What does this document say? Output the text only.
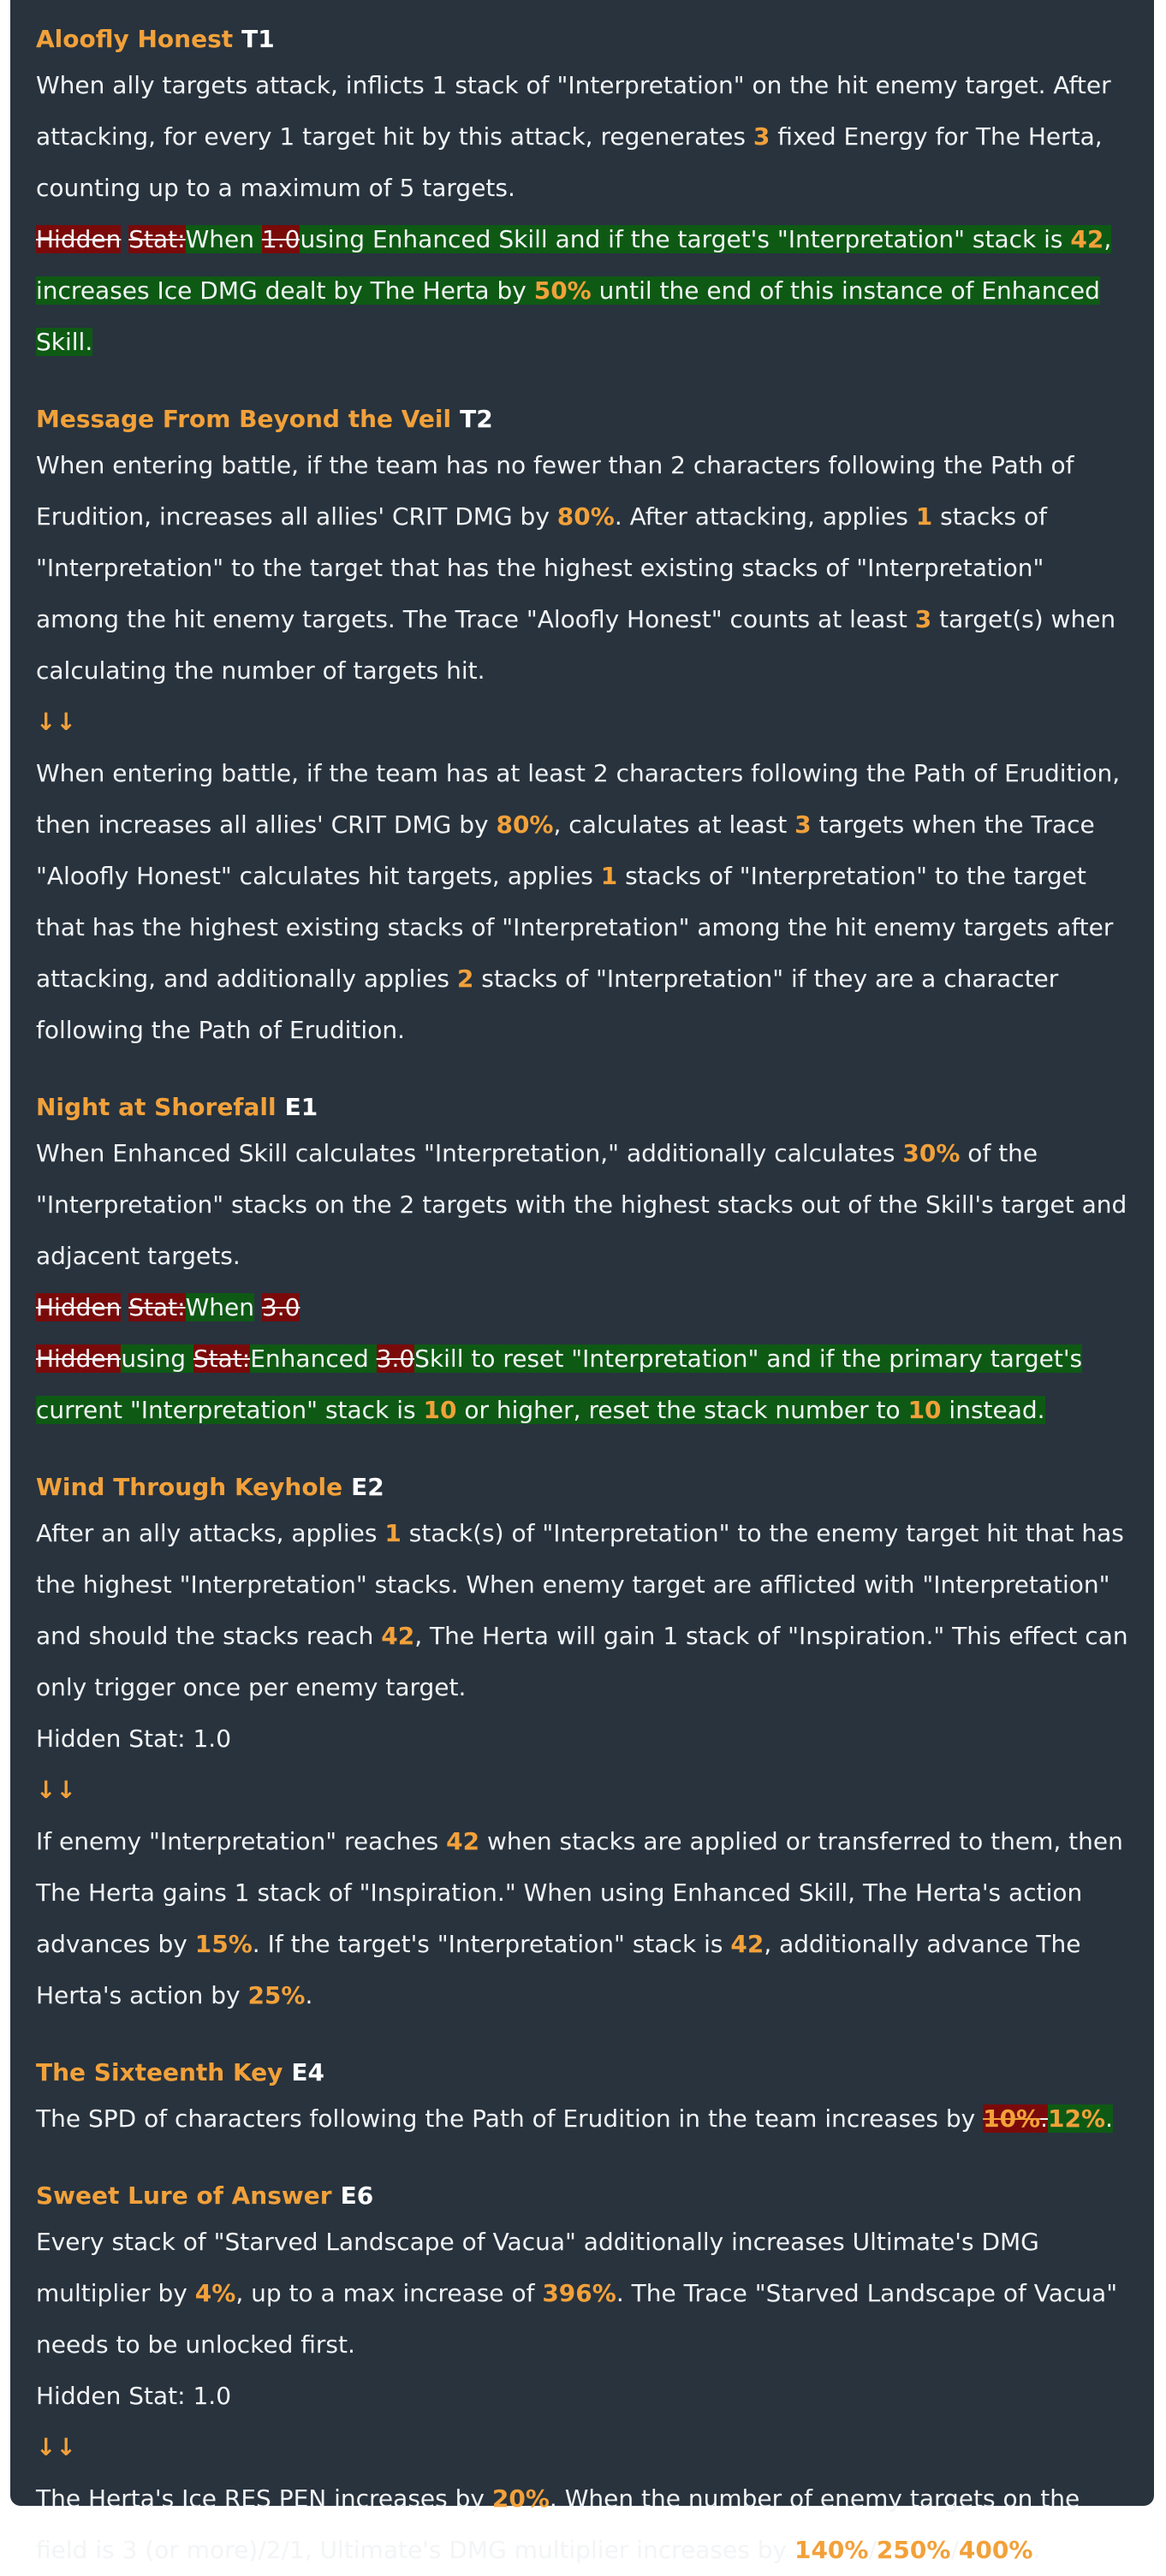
Aloofly Honest T1
When ally targets attack, inflicts 1 stack of "Interpretation" on the hit enemy target. After attacking, for every 1 target hit by this attack, regenerates 3 fixed Energy for The Herta, counting up to a maximum of 5 targets.
Hidden Stat:When 1.0using Enhanced Skill and if the target's "Interpretation" stack is 42, increases Ice DMG dealt by The Herta by 50% until the end of this instance of Enhanced Skill.
Message From Beyond the Veil T2
When entering battle, if the team has no fewer than 2 characters following the Path of Erudition, increases all allies' CRIT DMG by 80%. After attacking, applies 1 stacks of "Interpretation" to the target that has the highest existing stacks of "Interpretation" among the hit enemy targets. The Trace "Aloofly Honest" counts at least 3 target(s) when calculating the number of targets hit.
↓↓
When entering battle, if the team has at least 2 characters following the Path of Erudition, then increases all allies' CRIT DMG by 80%, calculates at least 3 targets when the Trace "Aloofly Honest" calculates hit targets, applies 1 stacks of "Interpretation" to the target that has the highest existing stacks of "Interpretation" among the hit enemy targets after attacking, and additionally applies 2 stacks of "Interpretation" if they are a character following the Path of Erudition.
Night at Shorefall E1
When Enhanced Skill calculates "Interpretation," additionally calculates 30% of the "Interpretation" stacks on the 2 targets with the highest stacks out of the Skill's target and adjacent targets.
Hidden Stat:When 3.0
Hiddenusing Stat:Enhanced 3.0Skill to reset "Interpretation" and if the primary target's current "Interpretation" stack is 10 or higher, reset the stack number to 10 instead.
Wind Through Keyhole E2
After an ally attacks, applies 1 stack(s) of "Interpretation" to the enemy target hit that has the highest "Interpretation" stacks. When enemy target are afflicted with "Interpretation" and should the stacks reach 42, The Herta will gain 1 stack of "Inspiration." This effect can only trigger once per enemy target.
Hidden Stat: 1.0
↓↓
If enemy "Interpretation" reaches 42 when stacks are applied or transferred to them, then The Herta gains 1 stack of "Inspiration." When using Enhanced Skill, The Herta's action advances by 15%. If the target's "Interpretation" stack is 42, additionally advance The Herta's action by 25%.
The Sixteenth Key E4
The SPD of characters following the Path of Erudition in the team increases by 10%.12%.
Sweet Lure of Answer E6
Every stack of "Starved Landscape of Vacua" additionally increases Ultimate's DMG multiplier by 4%, up to a max increase of 396%. The Trace "Starved Landscape of Vacua" needs to be unlocked first.
Hidden Stat: 1.0
↓↓
The Herta's Ice RES PEN increases by 20%. When the number of enemy targets on the field is 3 (or more)/2/1, Ultimate's DMG multiplier increases by 140%/250%/400%.
